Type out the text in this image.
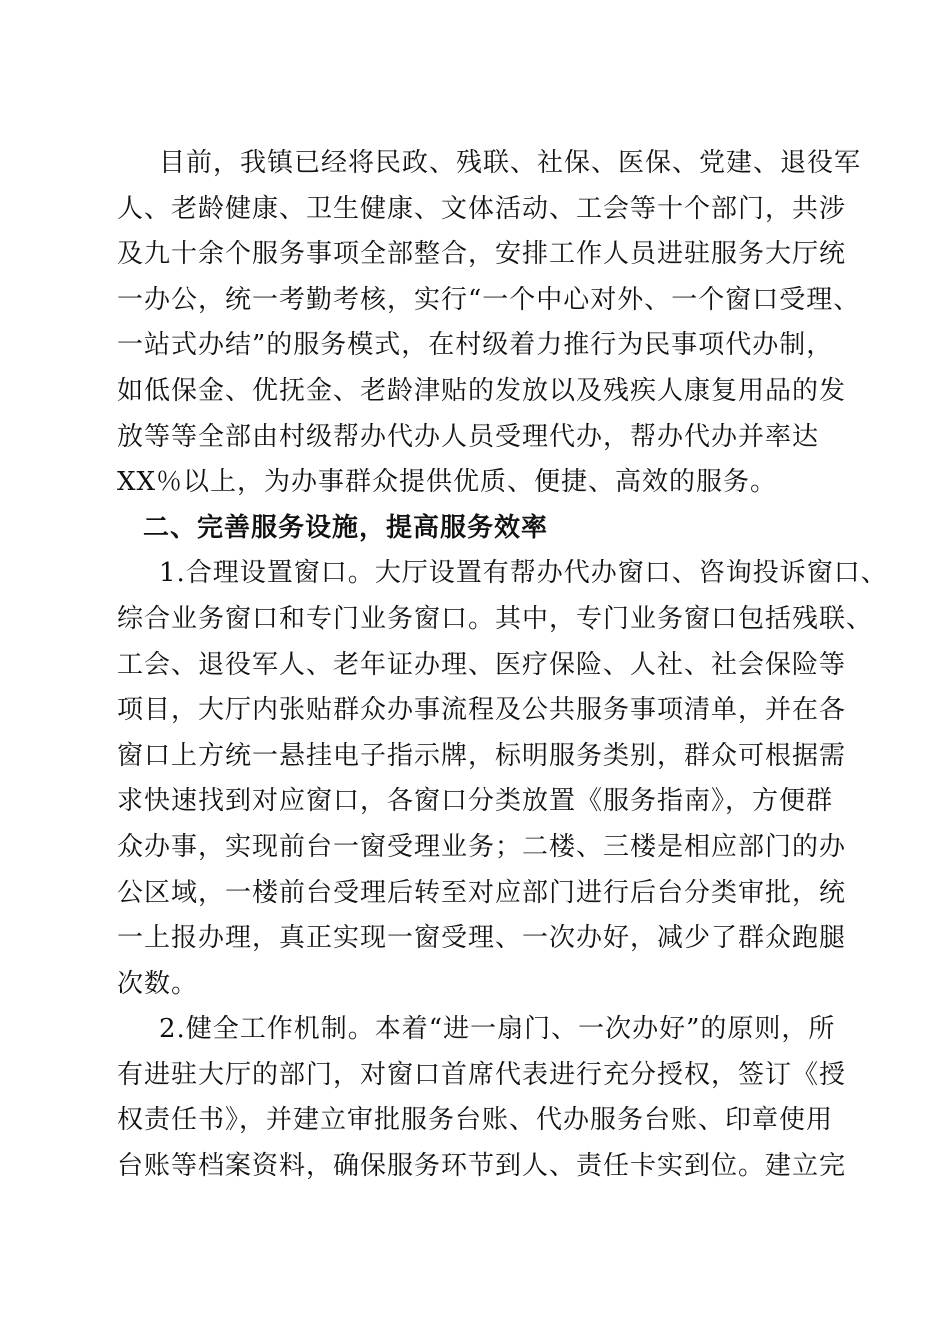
目前，我镇已经将民政、残联、社保、医保、党建、退役军
人、老龄健康、卫生健康、文体活动、工会等十个部门，共涉
及九十余个服务事项全部整合，安排工作人员进驻服务大厅统
一办公，统一考勤考核，实行“一个中心对外、一个窗口受理、
一站式办结”的服务模式，在村级着力推行为民事项代办制，
如低保金、优抚金、老龄津贴的发放以及残疾人康复用品的发
放等等全部由村级帮办代办人员受理代办，帮办代办并率达
XX％以上，为办事群众提供优质、便捷、高效的服务。
二、完善服务设施，提高服务效率
1.合理设置窗口。大厅设置有帮办代办窗口、咨询投诉窗口、
综合业务窗口和专门业务窗口。其中，专门业务窗口包括残联、
工会、退役军人、老年证办理、医疗保险、人社、社会保险等
项目，大厅内张贴群众办事流程及公共服务事项清单，并在各
窗口上方统一悬挂电子指示牌，标明服务类别，群众可根据需
求快速找到对应窗口，各窗口分类放置《服务指南》，方便群
众办事，实现前台一窗受理业务；二楼、三楼是相应部门的办
公区域，一楼前台受理后转至对应部门进行后台分类审批，统
一上报办理，真正实现一窗受理、一次办好，减少了群众跑腿
次数。
2.健全工作机制。本着“进一扇门、一次办好”的原则，所
有进驻大厅的部门，对窗口首席代表进行充分授权，签订《授
权责任书》，并建立审批服务台账、代办服务台账、印章使用
台账等档案资料，确保服务环节到人、责任卡实到位。建立完
